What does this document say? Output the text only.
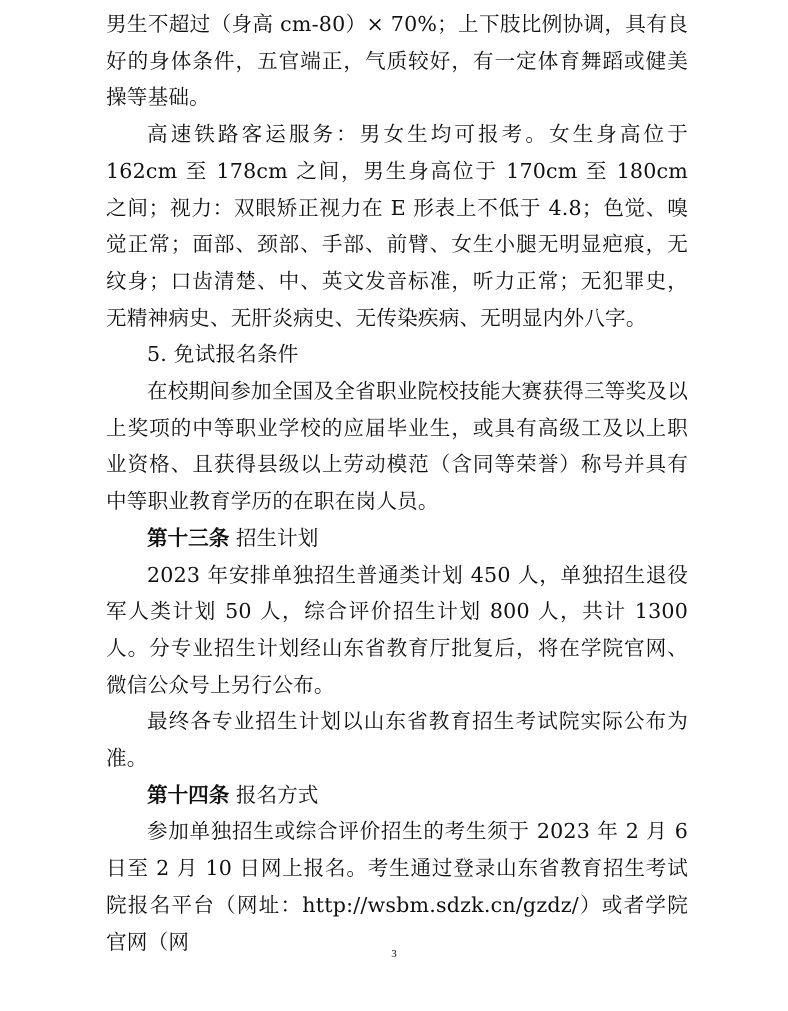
男生不超过（身高 cm-80）× 70%；上下肢比例协调，具有良好的身体条件，五官端正，气质较好，有一定体育舞蹈或健美操等基础。

高速铁路客运服务：男女生均可报考。女生身高位于 162cm 至 178cm 之间，男生身高位于 170cm 至 180cm 之间；视力：双眼矫正视力在 E 形表上不低于 4.8；色觉、嗅觉正常；面部、颈部、手部、前臂、女生小腿无明显疤痕，无纹身；口齿清楚、中、英文发音标准，听力正常；无犯罪史，无精神病史、无肝炎病史、无传染疾病、无明显内外八字。

5. 免试报名条件

在校期间参加全国及全省职业院校技能大赛获得三等奖及以上奖项的中等职业学校的应届毕业生，或具有高级工及以上职业资格、且获得县级以上劳动模范（含同等荣誉）称号并具有中等职业教育学历的在职在岗人员。

第十三条 招生计划

2023 年安排单独招生普通类计划 450 人，单独招生退役军人类计划 50 人，综合评价招生计划 800 人，共计 1300 人。分专业招生计划经山东省教育厅批复后，将在学院官网、微信公众号上另行公布。

最终各专业招生计划以山东省教育招生考试院实际公布为准。

第十四条 报名方式

参加单独招生或综合评价招生的考生须于 2023 年 2 月 6 日至 2 月 10 日网上报名。考生通过登录山东省教育招生考试院报名平台（网址：http://wsbm.sdzk.cn/gzdz/）或者学院官网（网

3
